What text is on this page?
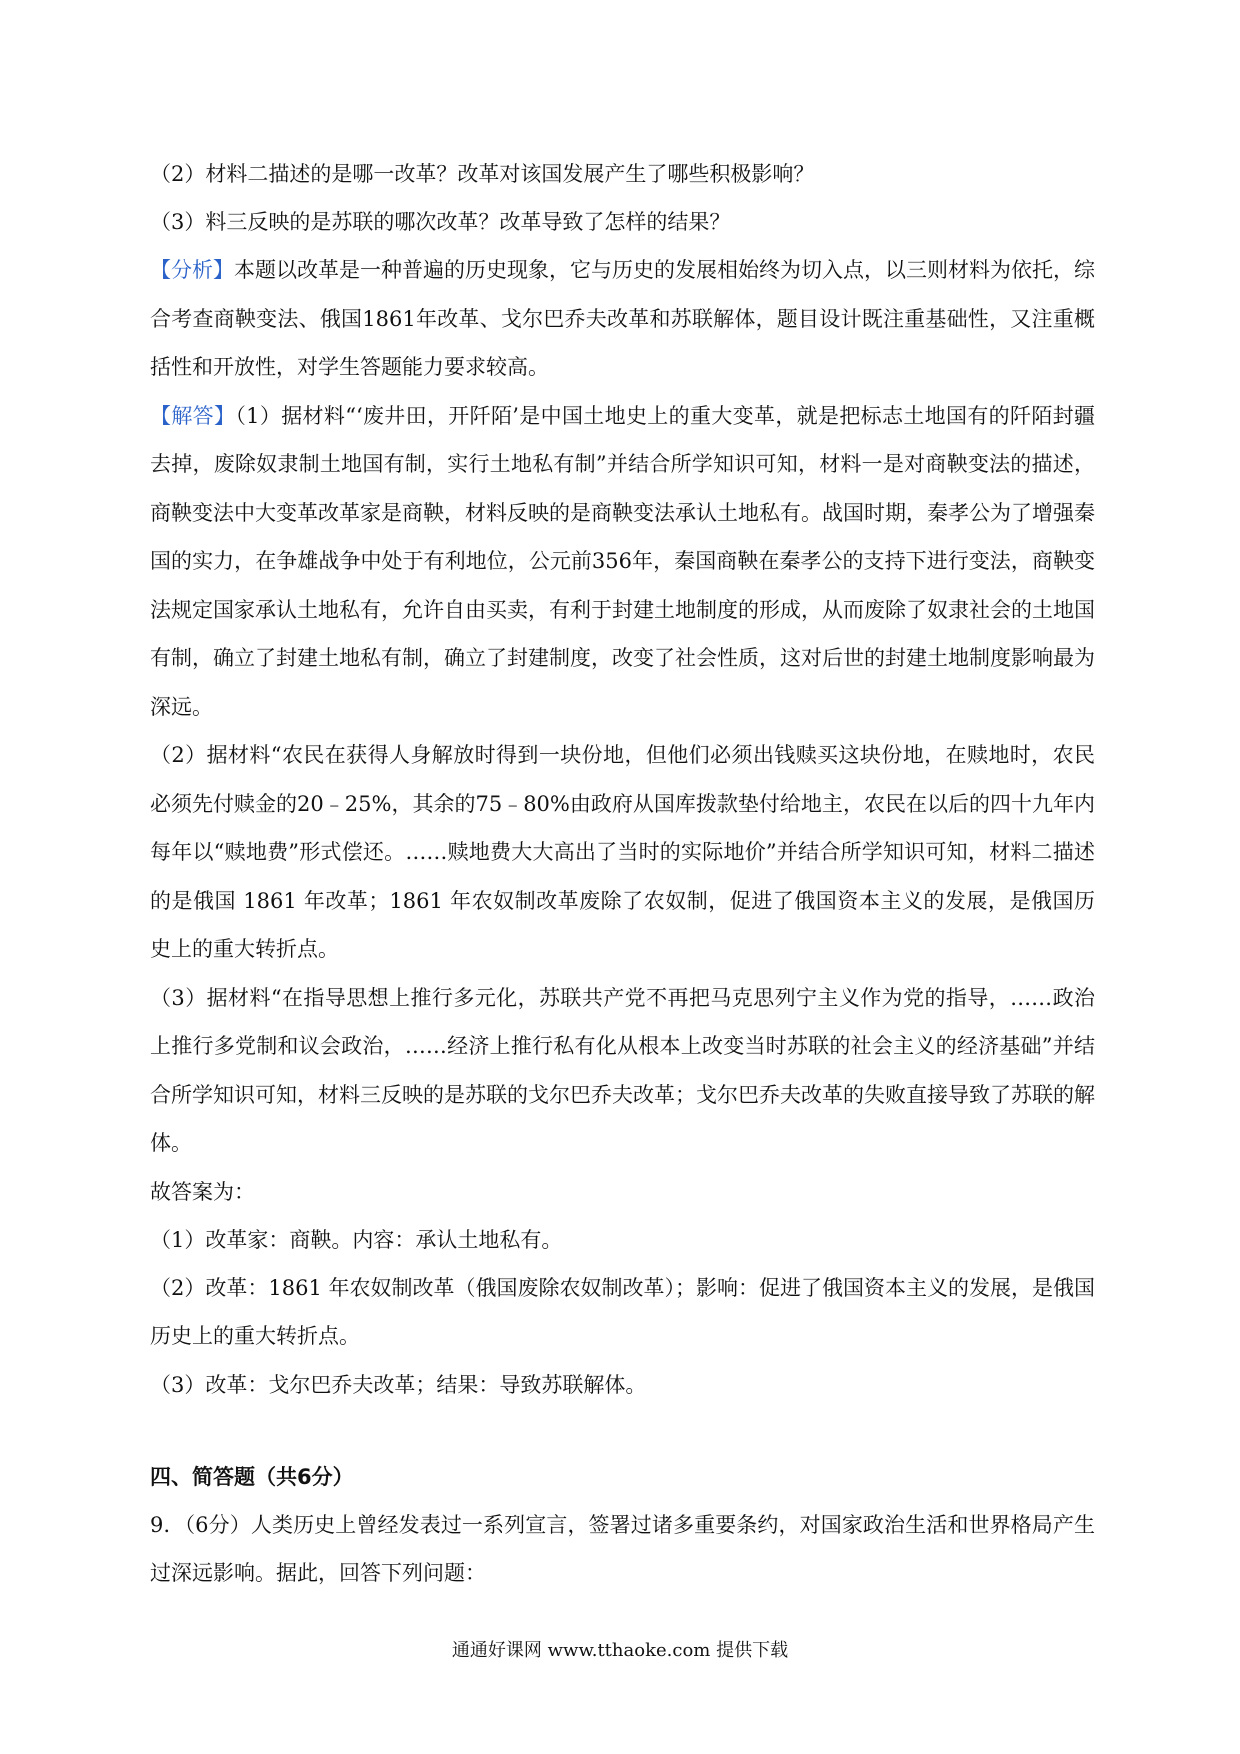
（2）材料二描述的是哪一改革？改革对该国发展产生了哪些积极影响？

（3）料三反映的是苏联的哪次改革？改革导致了怎样的结果？

【分析】本题以改革是一种普遍的历史现象，它与历史的发展相始终为切入点，以三则材料为依托，综合考查商鞅变法、俄国1861年改革、戈尔巴乔夫改革和苏联解体，题目设计既注重基础性，又注重概括性和开放性，对学生答题能力要求较高。

【解答】（1）据材料“‘废井田，开阡陌’是中国土地史上的重大变革，就是把标志土地国有的阡陌封疆去掉，废除奴隶制土地国有制，实行土地私有制”并结合所学知识可知，材料一是对商鞅变法的描述，商鞅变法中大变革改革家是商鞅，材料反映的是商鞅变法承认土地私有。战国时期，秦孝公为了增强秦国的实力，在争雄战争中处于有利地位，公元前356年，秦国商鞅在秦孝公的支持下进行变法，商鞅变法规定国家承认土地私有，允许自由买卖，有利于封建土地制度的形成，从而废除了奴隶社会的土地国有制，确立了封建土地私有制，确立了封建制度，改变了社会性质，这对后世的封建土地制度影响最为深远。

（2）据材料“农民在获得人身解放时得到一块份地，但他们必须出钱赎买这块份地，在赎地时，农民必须先付赎金的20﹣25%，其余的75﹣80%由政府从国库拨款垫付给地主，农民在以后的四十九年内每年以“赎地费”形式偿还。……赎地费大大高出了当时的实际地价”并结合所学知识可知，材料二描述的是俄国 1861 年改革；1861 年农奴制改革废除了农奴制，促进了俄国资本主义的发展，是俄国历史上的重大转折点。

（3）据材料“在指导思想上推行多元化，苏联共产党不再把马克思列宁主义作为党的指导，……政治上推行多党制和议会政治，……经济上推行私有化从根本上改变当时苏联的社会主义的经济基础”并结合所学知识可知，材料三反映的是苏联的戈尔巴乔夫改革；戈尔巴乔夫改革的失败直接导致了苏联的解体。

故答案为：

（1）改革家：商鞅。内容：承认土地私有。

（2）改革：1861 年农奴制改革（俄国废除农奴制改革）；影响：促进了俄国资本主义的发展，是俄国历史上的重大转折点。

（3）改革：戈尔巴乔夫改革；结果：导致苏联解体。

四、简答题（共6分）

9．（6分）人类历史上曾经发表过一系列宣言，签署过诸多重要条约，对国家政治生活和世界格局产生过深远影响。据此，回答下列问题：

通通好课网 www.tthaoke.com 提供下载
